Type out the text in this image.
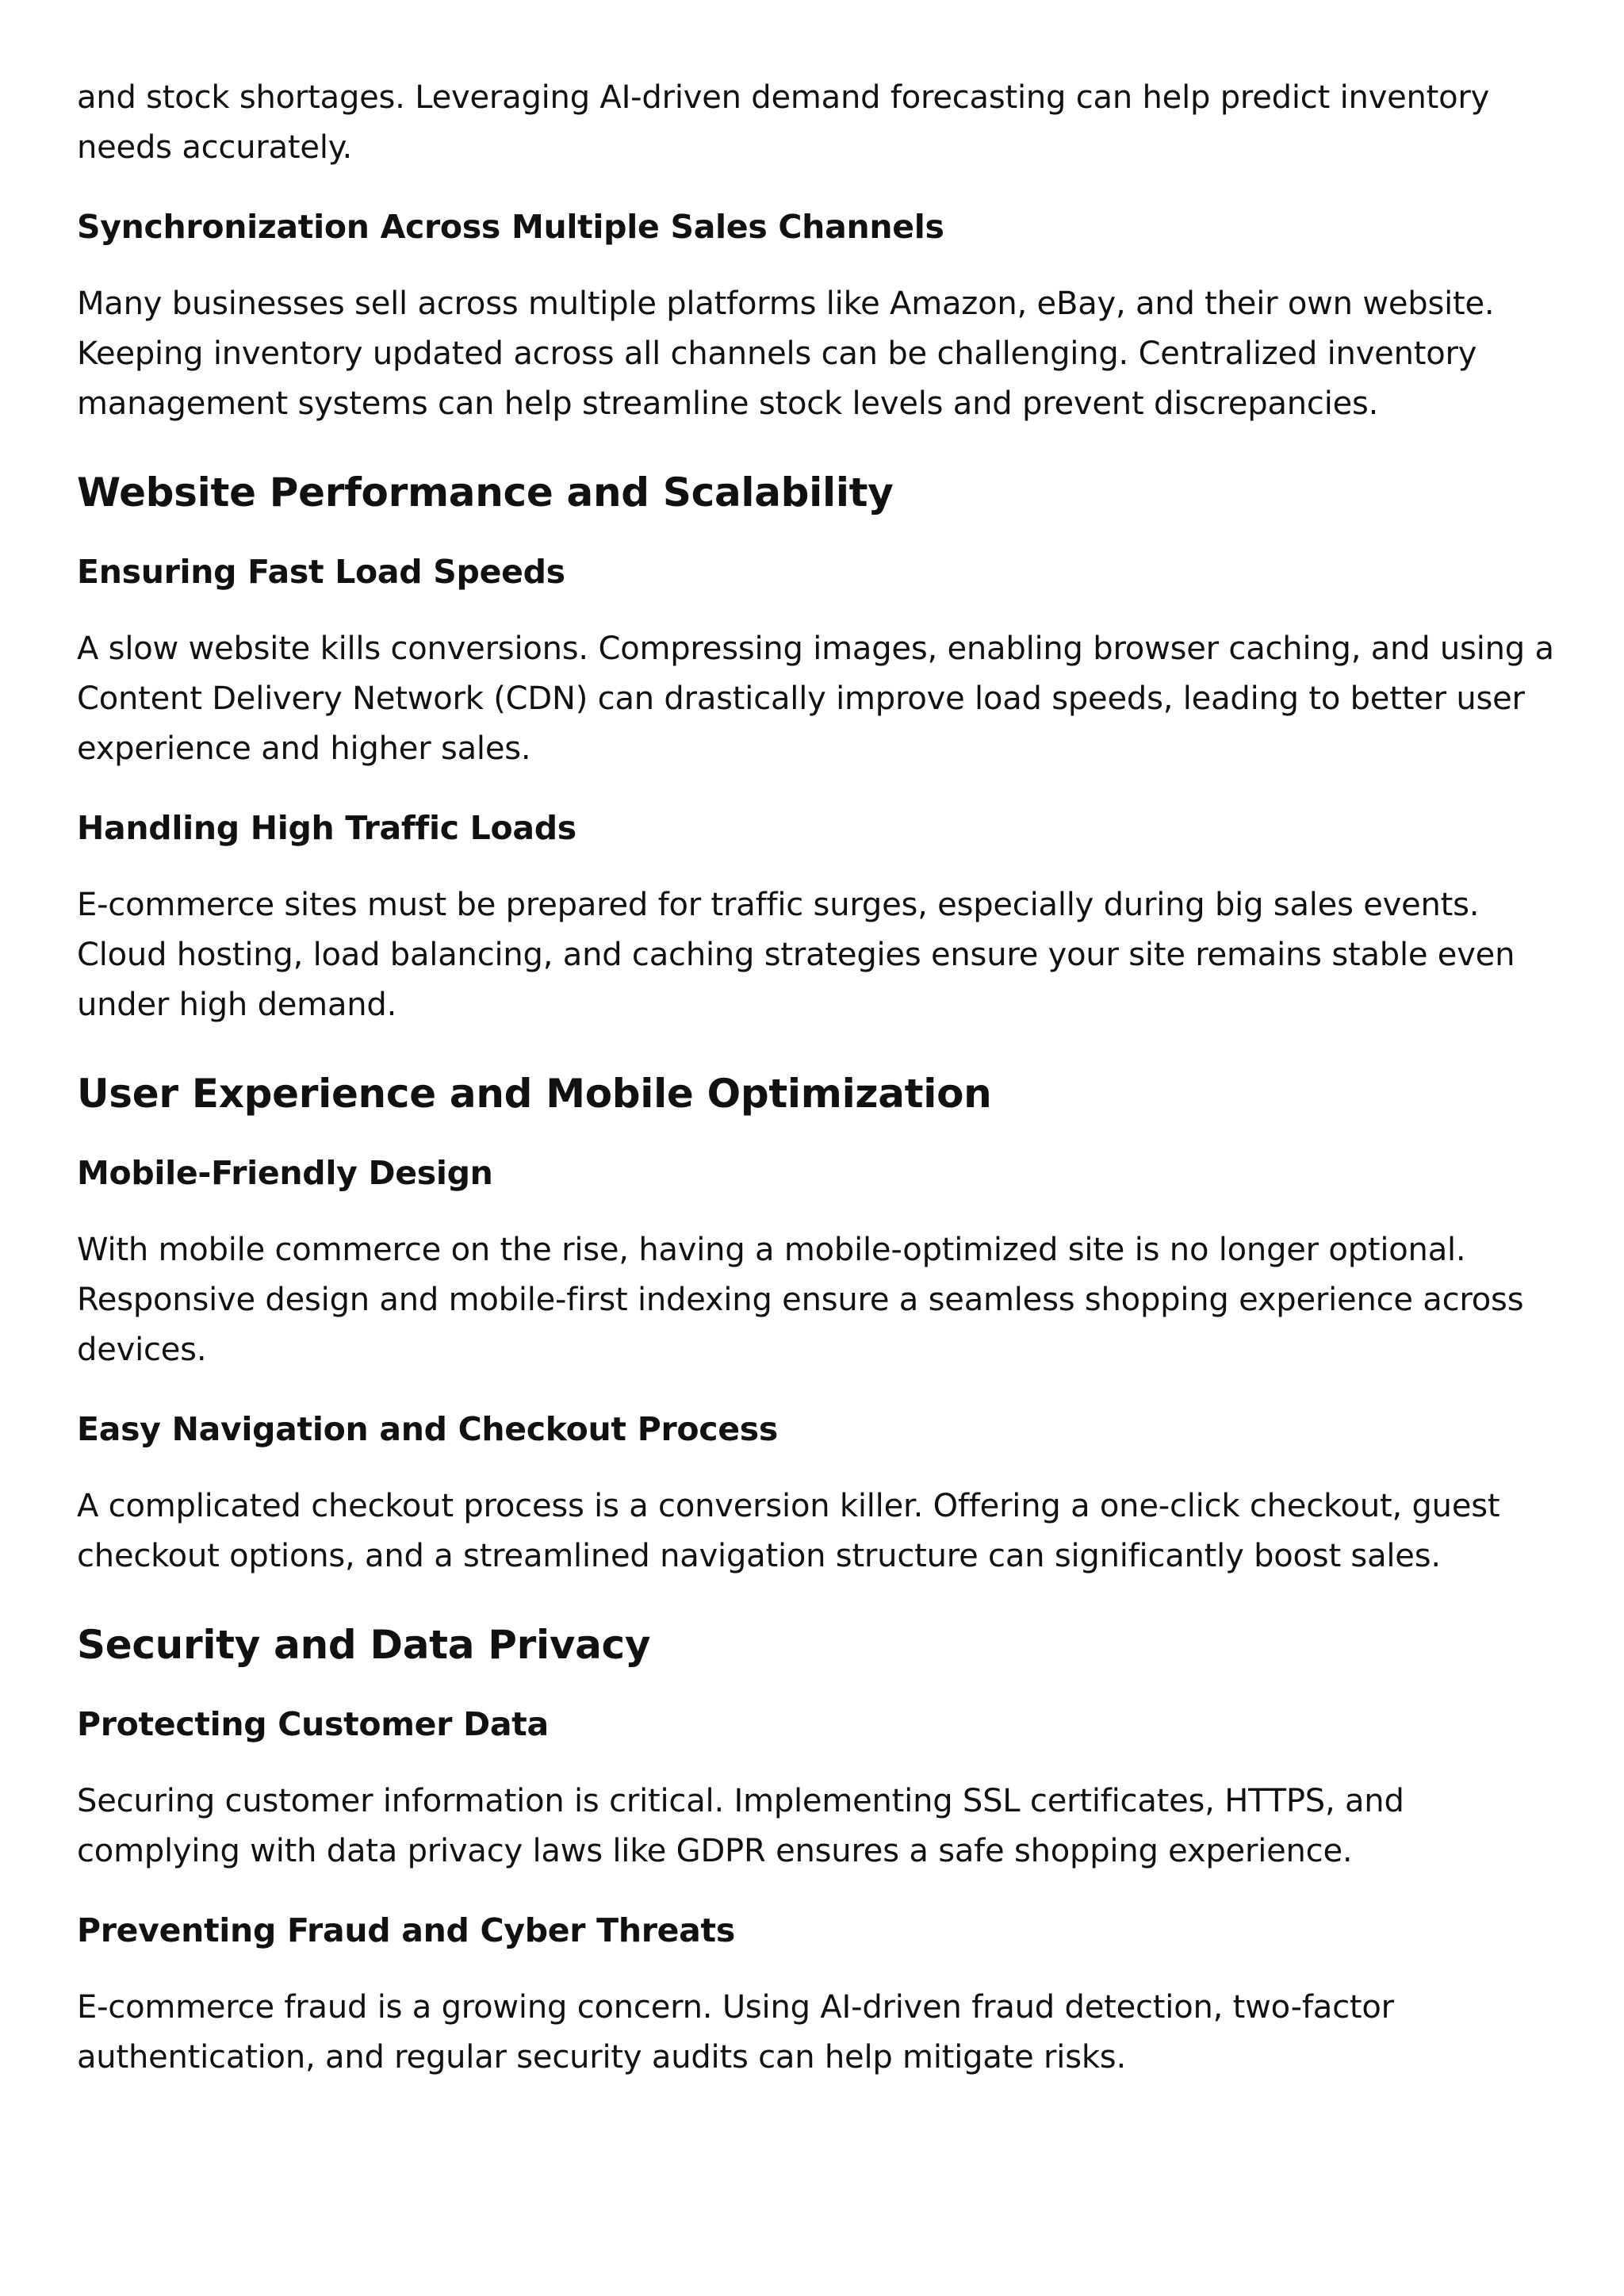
and stock shortages. Leveraging AI-driven demand forecasting can help predict inventory needs accurately.

Synchronization Across Multiple Sales Channels

Many businesses sell across multiple platforms like Amazon, eBay, and their own website. Keeping inventory updated across all channels can be challenging. Centralized inventory management systems can help streamline stock levels and prevent discrepancies.

Website Performance and Scalability
Ensuring Fast Load Speeds

A slow website kills conversions. Compressing images, enabling browser caching, and using a Content Delivery Network (CDN) can drastically improve load speeds, leading to better user experience and higher sales.

Handling High Traffic Loads

E-commerce sites must be prepared for traffic surges, especially during big sales events. Cloud hosting, load balancing, and caching strategies ensure your site remains stable even under high demand.

User Experience and Mobile Optimization
Mobile-Friendly Design

With mobile commerce on the rise, having a mobile-optimized site is no longer optional. Responsive design and mobile-first indexing ensure a seamless shopping experience across devices.

Easy Navigation and Checkout Process

A complicated checkout process is a conversion killer. Offering a one-click checkout, guest checkout options, and a streamlined navigation structure can significantly boost sales.

Security and Data Privacy
Protecting Customer Data

Securing customer information is critical. Implementing SSL certificates, HTTPS, and complying with data privacy laws like GDPR ensures a safe shopping experience.

Preventing Fraud and Cyber Threats

E-commerce fraud is a growing concern. Using AI-driven fraud detection, two-factor authentication, and regular security audits can help mitigate risks.
